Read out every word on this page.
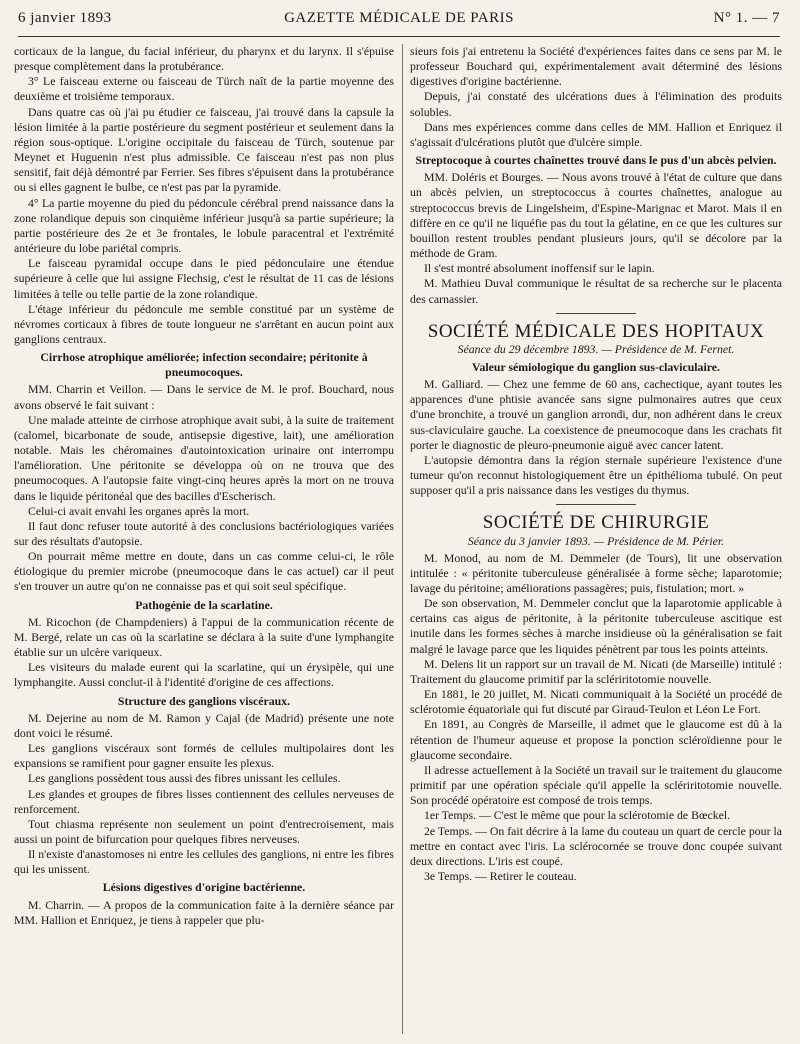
6 janvier 1893	GAZETTE MÉDICALE DE PARIS	N° 1. — 7

corticaux de la langue, du facial inférieur, du pharynx et du larynx. Il s'épuise presque complètement dans la protubérance.

3° Le faisceau externe ou faisceau de Türch naît de la partie moyenne des deuxième et troisième temporaux.

Dans quatre cas où j'ai pu étudier ce faisceau, j'ai trouvé dans la capsule la lésion limitée à la partie postérieure du segment postérieur et seulement dans la région sous-optique. L'origine occipitale du faisceau de Türch, soutenue par Meynet et Huguenin n'est plus admissible. Ce faisceau n'est pas non plus sensitif, fait déjà démontré par Ferrier. Ses fibres s'épuisent dans la protubérance ou si elles gagnent le bulbe, ce n'est pas par la pyramide.

4° La partie moyenne du pied du pédoncule cérébral prend naissance dans la zone rolandique depuis son cinquième inférieur jusqu'à sa partie supérieure; la partie postérieure des 2e et 3e frontales, le lobule paracentral et l'extrémité antérieure du lobe pariétal compris.

Le faisceau pyramidal occupe dans le pied pédonculaire une étendue supérieure à celle que lui assigne Flechsig, c'est le résultat de 11 cas de lésions limitées à telle ou telle partie de la zone rolandique.

L'étage inférieur du pédoncule me semble constitué par un système de névromes corticaux à fibres de toute longueur ne s'arrêtant en aucun point aux ganglions centraux.

Cirrhose atrophique améliorée; infection secondaire; péritonite à pneumocoques.

MM. Charrin et Veillon. — Dans le service de M. le prof. Bouchard, nous avons observé le fait suivant :

Une malade atteinte de cirrhose atrophique avait subi, à la suite de traitement (calomel, bicarbonate de soude, antisepsie digestive, lait), une amélioration notable. Mais les chéromaines d'autointoxication urinaire ont interrompu l'amélioration. Une péritonite se développa où on ne trouva que des pneumocoques. A l'autopsie faite vingt-cinq heures après la mort on ne trouva dans le liquide péritonéal que des bacilles d'Escherisch.

Celui-ci avait envahi les organes après la mort.

Il faut donc refuser toute autorité à des conclusions bactériologiques variées sur des résultats d'autopsie.

On pourrait même mettre en doute, dans un cas comme celui-ci, le rôle étiologique du premier microbe (pneumocoque dans le cas actuel) car il peut s'en trouver un autre qu'on ne connaisse pas et qui soit seul spécifique.

Pathogénie de la scarlatine.

M. Ricochon (de Champdeniers) à l'appui de la communication récente de M. Bergé, relate un cas où la scarlatine se déclara à la suite d'une lymphangite établie sur un ulcère variqueux.

Les visiteurs du malade eurent qui la scarlatine, qui un érysipèle, qui une lymphangite. Aussi conclut-il à l'identité d'origine de ces affections.

Structure des ganglions viscéraux.

M. Dejerine au nom de M. Ramon y Cajal (de Madrid) présente une note dont voici le résumé.

Les ganglions viscéraux sont formés de cellules multipolaires dont les expansions se ramifient pour gagner ensuite les plexus.

Les ganglions possèdent tous aussi des fibres unissant les cellules.

Les glandes et groupes de fibres lisses contiennent des cellules nerveuses de renforcement.

Tout chiasma représente non seulement un point d'entrecroisement, mais aussi un point de bifurcation pour quelques fibres nerveuses.

Il n'existe d'anastomoses ni entre les cellules des ganglions, ni entre les fibres qui les unissent.

Lésions digestives d'origine bactérienne.

M. Charrin. — A propos de la communication faite à la dernière séance par MM. Hallion et Enriquez, je tiens à rappeler que plu-

sieurs fois j'ai entretenu la Société d'expériences faites dans ce sens par M. le professeur Bouchard qui, expérimentalement avait déterminé des lésions digestives d'origine bactérienne.

Depuis, j'ai constaté des ulcérations dues à l'élimination des produits solubles.

Dans mes expériences comme dans celles de MM. Hallion et Enriquez il s'agissait d'ulcérations plutôt que d'ulcère simple.

Streptocoque à courtes chaînettes trouvé dans le pus d'un abcès pelvien.

MM. Doléris et Bourges. — Nous avons trouvé à l'état de culture que dans un abcès pelvien, un streptococcus à courtes chaînettes, analogue au streptococcus brevis de Lingelsheim, d'Espine-Marignac et Marot. Mais il en diffère en ce qu'il ne liquéfie pas du tout la gélatine, en ce que les cultures sur bouillon restent troubles pendant plusieurs jours, qu'il se décolore par la méthode de Gram.

Il s'est montré absolument inoffensif sur le lapin.

M. Mathieu Duval communique le résultat de sa recherche sur le placenta des carnassier.

SOCIÉTÉ MÉDICALE DES HOPITAUX

Séance du 29 décembre 1893. — Présidence de M. Fernet.

Valeur sémiologique du ganglion sus-claviculaire.

M. Galliard. — Chez une femme de 60 ans, cachectique, ayant toutes les apparences d'une phtisie avancée sans signe pulmonaires autres que ceux d'une bronchite, a trouvé un ganglion arrondi, dur, non adhérent dans le creux sus-claviculaire gauche. La coexistence de pneumocoque dans les crachats fit porter le diagnostic de pleuro-pneumonie aiguë avec cancer latent.

L'autopsie démontra dans la région sternale supérieure l'existence d'une tumeur qu'on reconnut histologiquement être un épithélioma tubulé. On peut supposer qu'il a pris naissance dans les vestiges du thymus.

SOCIÉTÉ DE CHIRURGIE

Séance du 3 janvier 1893. — Présidence de M. Périer.

M. Monod, au nom de M. Demmeler (de Tours), lit une observation intitulée : « péritonite tuberculeuse généralisée à forme sèche; laparotomie; lavage du péritoine; améliorations passagères; puis, fistulation; mort. »

De son observation, M. Demmeler conclut que la laparotomie applicable à certains cas aigus de péritonite, à la péritonite tuberculeuse ascitique est inutile dans les formes sèches à marche insidieuse où la généralisation se fait malgré le lavage parce que les liquides pénètrent par tous les points atteints.

M. Delens lit un rapport sur un travail de M. Nicati (de Marseille) intitulé : Traitement du glaucome primitif par la sclériritotomie nouvelle.

En 1881, le 20 juillet, M. Nicati communiquait à la Société un procédé de sclérotomie équatoriale qui fut discuté par Giraud-Teulon et Léon Le Fort.

En 1891, au Congrès de Marseille, il admet que le glaucome est dû à la rétention de l'humeur aqueuse et propose la ponction scléroïdienne pour le glaucome secondaire.

Il adresse actuellement à la Société un travail sur le traitement du glaucome primitif par une opération spéciale qu'il appelle la sclériritotomie nouvelle. Son procédé opératoire est composé de trois temps.

1er Temps. — C'est le même que pour la sclérotomie de Bœckel.

2e Temps. — On fait décrire à la lame du couteau un quart de cercle pour la mettre en contact avec l'iris. La sclérocornée se trouve donc coupée suivant deux directions. L'iris est coupé.

3e Temps. — Retirer le couteau.
